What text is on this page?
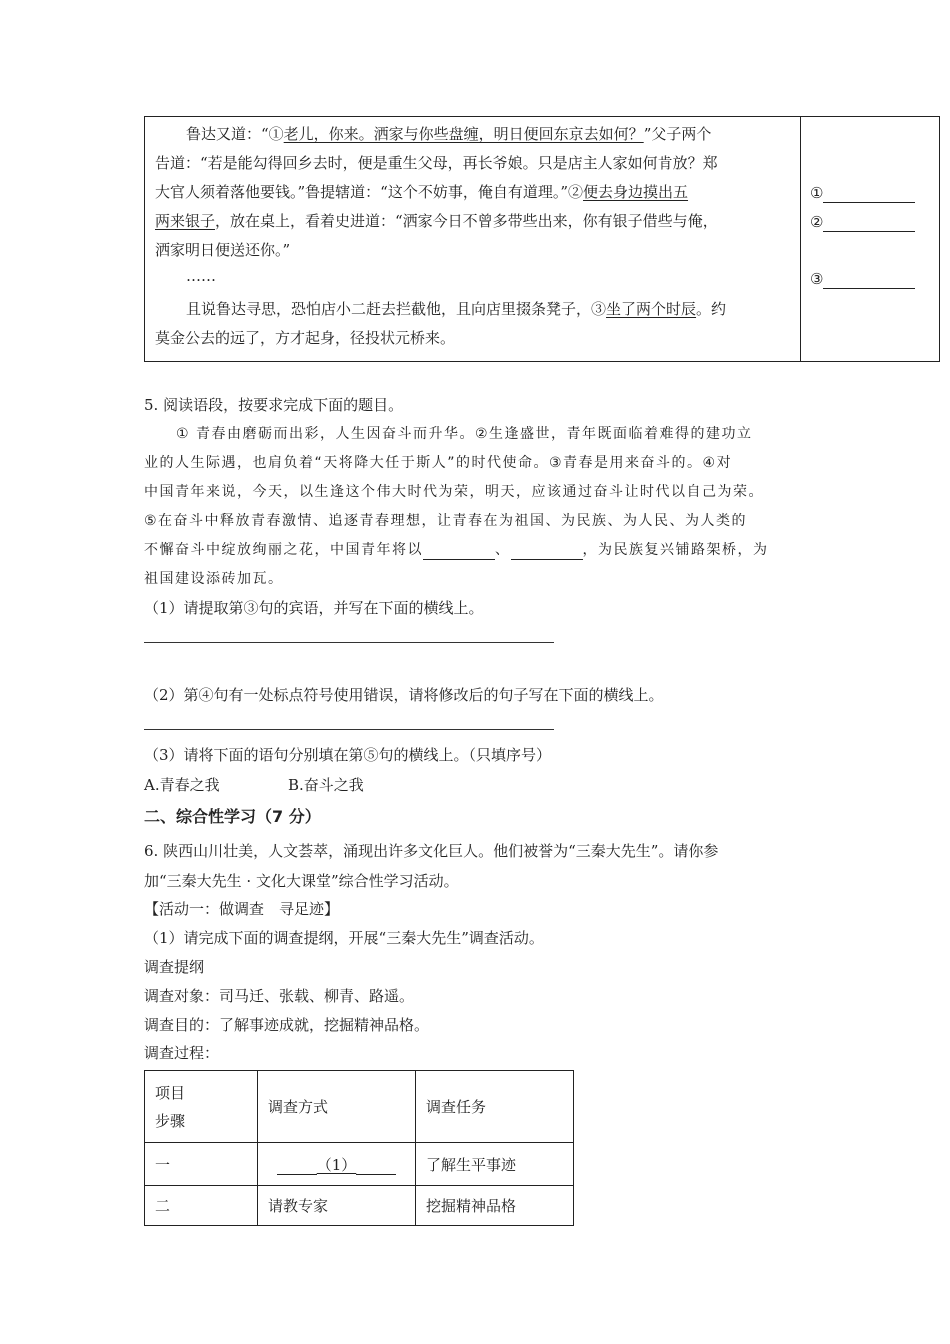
鲁达又道：“①老儿，你来。洒家与你些盘缠，明日便回东京去如何？”父子两个
告道：“若是能勾得回乡去时，便是重生父母，再长爷娘。只是店主人家如何肯放？郑
大官人须着落他要钱。”鲁提辖道：“这个不妨事，俺自有道理。”②便去身边摸出五
两来银子，放在桌上，看着史进道：“洒家今日不曾多带些出来，你有银子借些与俺，
洒家明日便送还你。”
……
且说鲁达寻思，恐怕店小二赶去拦截他，且向店里掇条凳子，③坐了两个时辰。约
莫金公去的远了，方才起身，径投状元桥来。
①
②
③
5. 阅读语段，按要求完成下面的题目。
① 青春由磨砺而出彩，人生因奋斗而升华。②生逢盛世，青年既面临着难得的建功立
业的人生际遇，也肩负着“天将降大任于斯人”的时代使命。③青春是用来奋斗的。④对
中国青年来说，今天，以生逢这个伟大时代为荣，明天，应该通过奋斗让时代以自己为荣。
⑤在奋斗中释放青春激情、追逐青春理想，让青春在为祖国、为民族、为人民、为人类的
不懈奋斗中绽放绚丽之花，中国青年将以	、	，为民族复兴铺路架桥，为
祖国建设添砖加瓦。
（1）请提取第③句的宾语，并写在下面的横线上。
（2）第④句有一处标点符号使用错误，请将修改后的句子写在下面的横线上。
（3）请将下面的语句分别填在第⑤句的横线上。（只填序号）
A.青春之我	B.奋斗之我
二、综合性学习（7 分）
6. 陕西山川壮美，人文荟萃，涌现出许多文化巨人。他们被誉为“三秦大先生”。请你参
加“三秦大先生 · 文化大课堂”综合性学习活动。
【活动一：做调查　寻足迹】
（1）请完成下面的调查提纲，开展“三秦大先生”调查活动。
调查提纲
调查对象：司马迁、张载、柳青、路遥。
调查目的：了解事迹成就，挖掘精神品格。
调查过程：
项目
步骤	调查方式	调查任务
一	（1）	了解生平事迹
二	请教专家	挖掘精神品格
